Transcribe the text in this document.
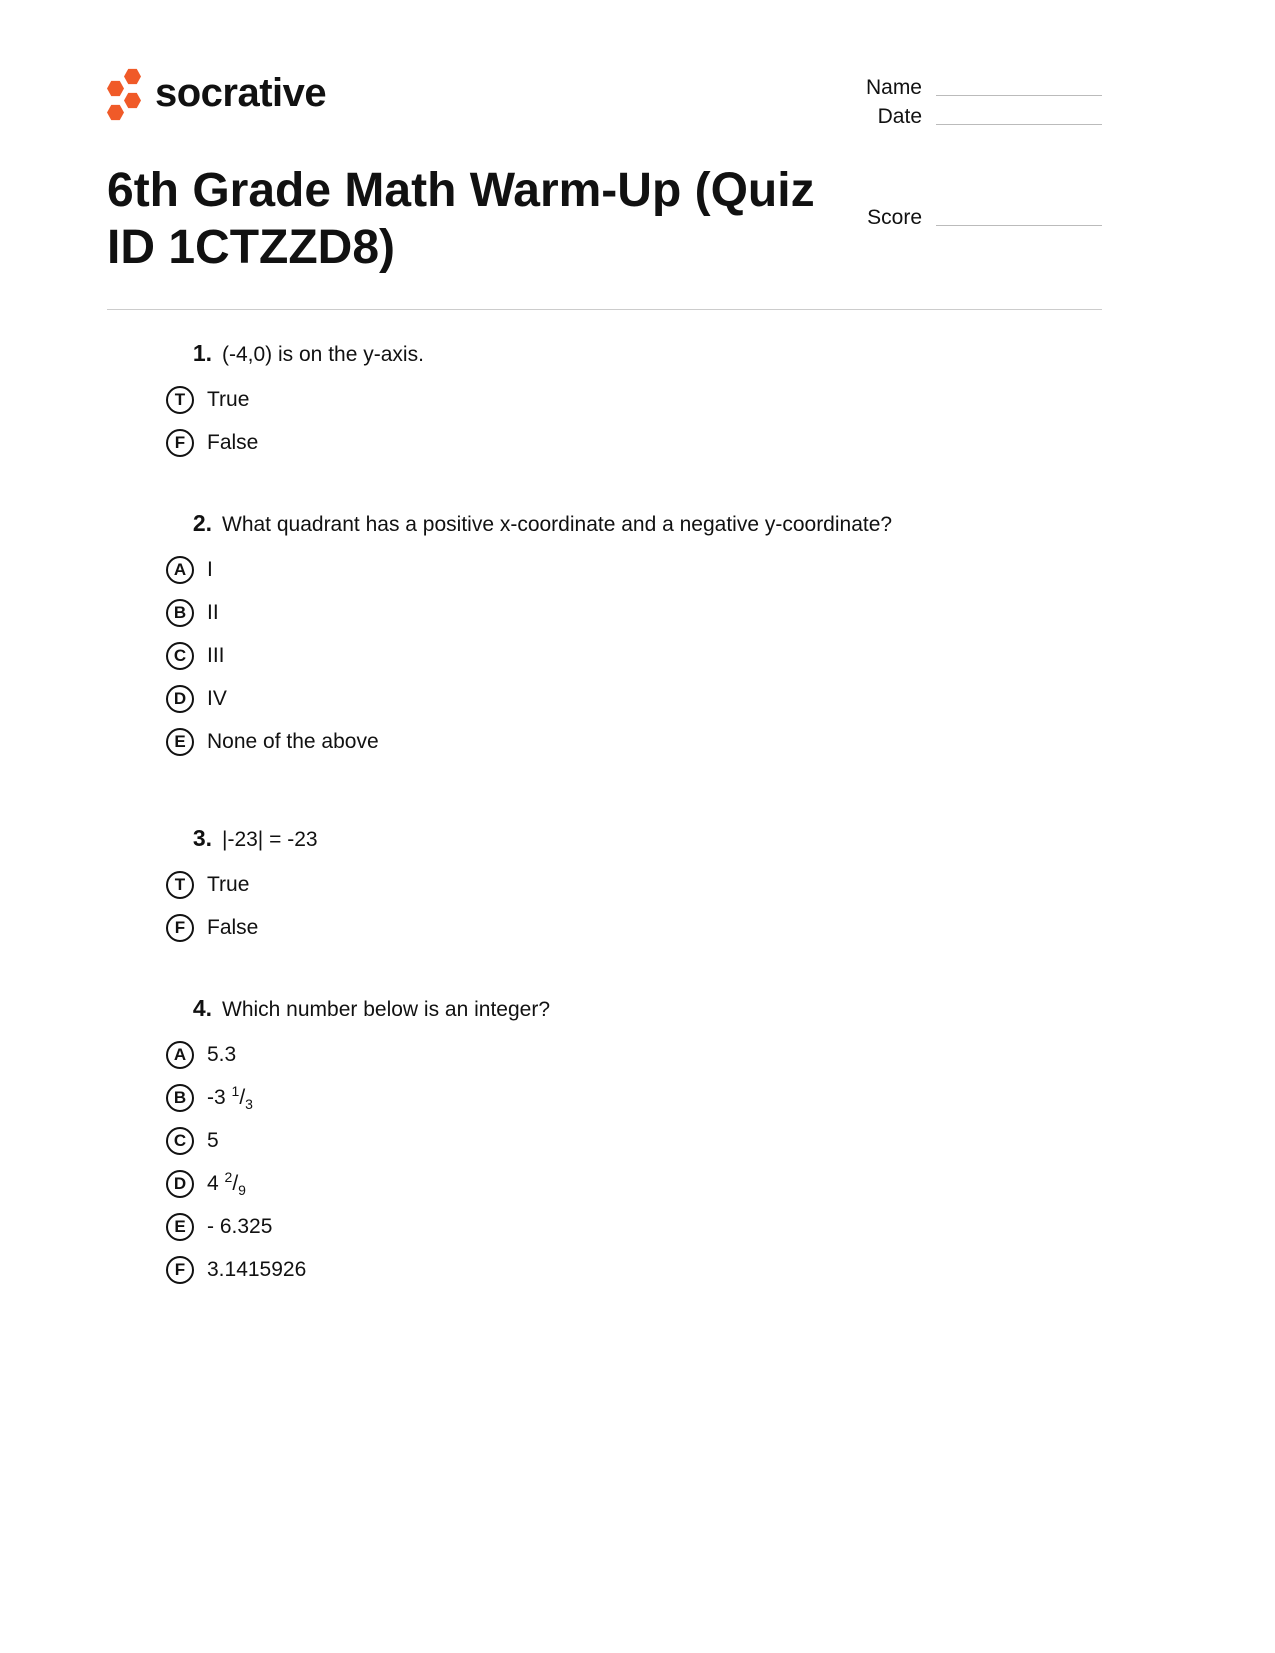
socrative	Name
Date
Score
6th Grade Math Warm-Up (Quiz ID 1CTZZD8)
1. (-4,0) is on the y-axis.
T	True
F	False
2. What quadrant has a positive x-coordinate and a negative y-coordinate?
A I
B II
C III
D IV
E	None of the above
3. |-23| = -23
T	True
F	False
4. Which number below is an integer?
A 5.3
B -3 $^1/_3$
C 5
D 4 $^2/_9$
E	- 6.325
F	3.1415926
